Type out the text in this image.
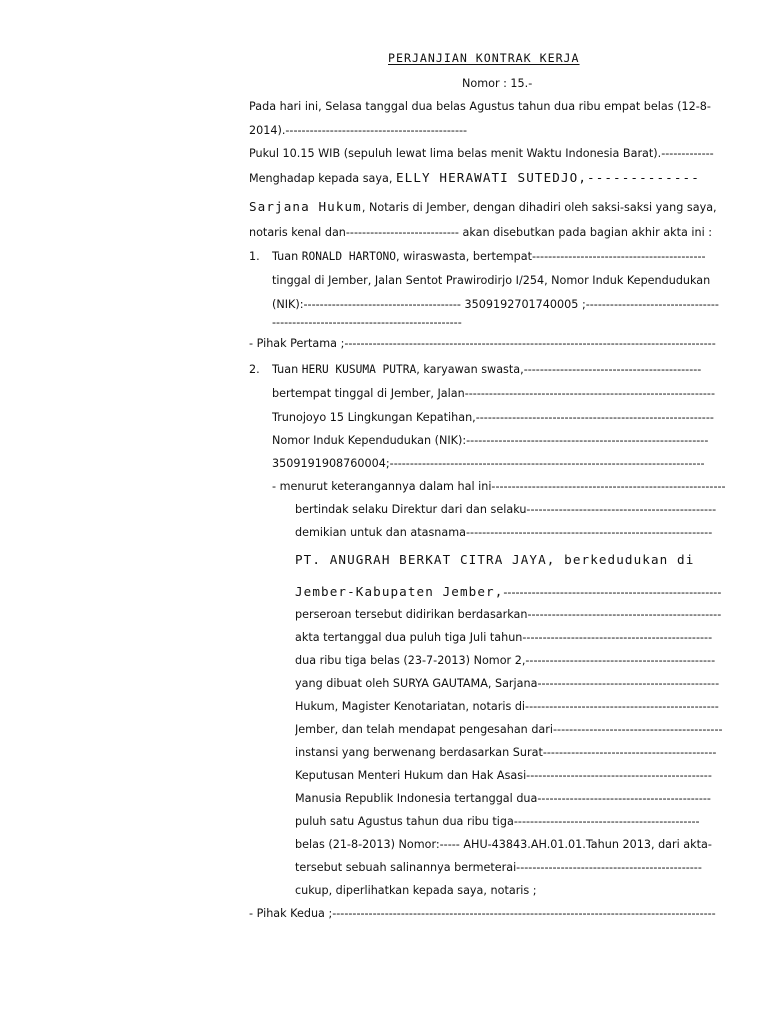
PERJANJIAN KONTRAK KERJA
Nomor : 15.-
Pada hari ini, Selasa tanggal dua belas Agustus tahun dua ribu empat belas (12-8-
2014).---------------------------------------------
Pukul 10.15 WIB (sepuluh lewat lima belas menit Waktu Indonesia Barat).-------------
Menghadap kepada saya, ELLY HERAWATI SUTEDJO,-------------
Sarjana Hukum, Notaris di Jember, dengan dihadiri oleh saksi-saksi yang saya,
notaris kenal dan---------------------------- akan disebutkan pada bagian akhir akta ini :
1. Tuan RONALD HARTONO, wiraswasta, bertempat-------------------------------------------
tinggal di Jember, Jalan Sentot Prawirodirjo I/254, Nomor Induk Kependudukan
(NIK):--------------------------------------- 3509192701740005 ;---------------------------------
-----------------------------------------------
- Pihak Pertama ;--------------------------------------------------------------------------------------------
2. Tuan HERU KUSUMA PUTRA, karyawan swasta,--------------------------------------------
bertempat tinggal di Jember, Jalan--------------------------------------------------------------
Trunojoyo 15 Lingkungan Kepatihan,-----------------------------------------------------------
Nomor Induk Kependudukan (NIK):------------------------------------------------------------
3509191908760004;------------------------------------------------------------------------------
- menurut keterangannya dalam hal ini----------------------------------------------------------
bertindak selaku Direktur dari dan selaku-----------------------------------------------
demikian untuk dan atasnama-------------------------------------------------------------
PT. ANUGRAH BERKAT CITRA JAYA, berkedudukan di
Jember-Kabupaten Jember,------------------------------------------------------
perseroan tersebut didirikan berdasarkan------------------------------------------------
akta tertanggal dua puluh tiga Juli tahun-----------------------------------------------
dua ribu tiga belas (23-7-2013) Nomor 2,-----------------------------------------------
yang dibuat oleh SURYA GAUTAMA, Sarjana---------------------------------------------
Hukum, Magister Kenotariatan, notaris di------------------------------------------------
Jember, dan telah mendapat pengesahan dari------------------------------------------
instansi yang berwenang berdasarkan Surat-------------------------------------------
Keputusan Menteri Hukum dan Hak Asasi----------------------------------------------
Manusia Republik Indonesia tertanggal dua-------------------------------------------
puluh satu Agustus tahun dua ribu tiga----------------------------------------------
belas (21-8-2013) Nomor:----- AHU-43843.AH.01.01.Tahun 2013, dari akta-
tersebut sebuah salinannya bermeterai----------------------------------------------
cukup, diperlihatkan kepada saya, notaris ;
- Pihak Kedua ;-----------------------------------------------------------------------------------------------
